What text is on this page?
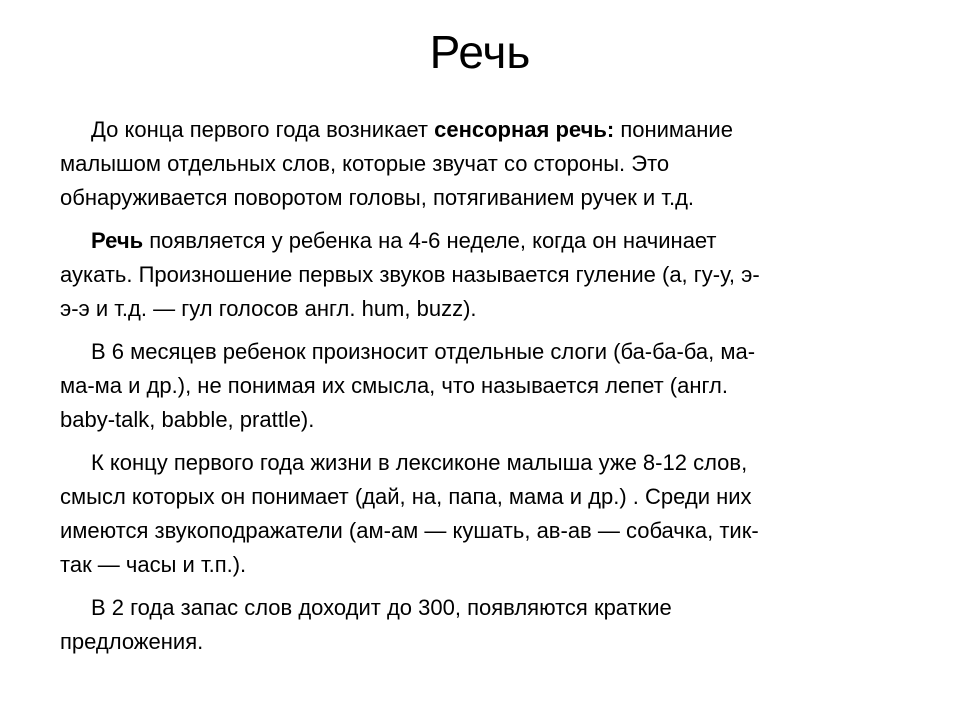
Речь

До конца первого года возникает сенсорная речь: понимание
малышом отдельных слов, которые звучат со стороны. Это
обнаруживается поворотом головы, потягиванием ручек и т.д.

Речь появляется у ребенка на 4-6 неделе, когда он начинает
аукать. Произношение первых звуков называется гуление (а, гу-у, э-
э-э и т.д. — гул голосов англ. hum, buzz).

В 6 месяцев ребенок произносит отдельные слоги (ба-ба-ба, ма-
ма-ма и др.), не понимая их смысла, что называется лепет (англ.
baby-talk, babble, prattle).

К концу первого года жизни в лексиконе малыша уже 8-12 слов,
смысл которых он понимает (дай, на, папа, мама и др.) . Среди них
имеются звукоподражатели (ам-ам — кушать, ав-ав — собачка, тик-
так — часы и т.п.).

В 2 года запас слов доходит до 300, появляются краткие
предложения.
